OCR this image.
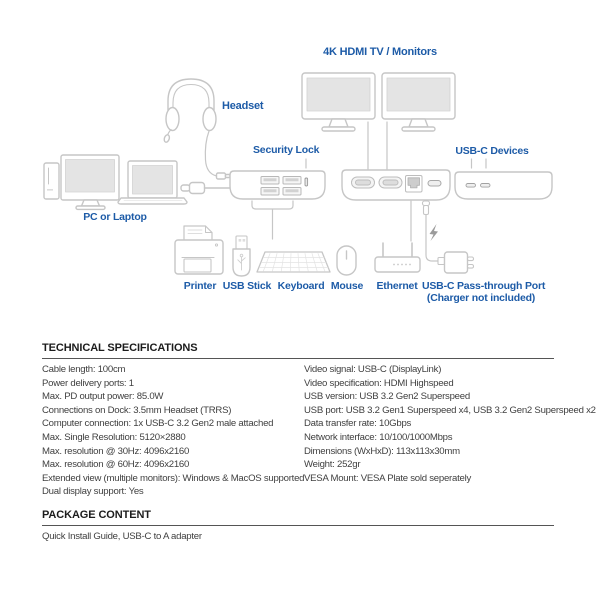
4K HDMI TV / Monitors
Headset
Security Lock	USB-C Devices
PC or Laptop
Printer USB Stick Keyboard Mouse	Ethernet USB-C Pass-through Port
(Charger not included)
TECHNICAL SPECIFICATIONS
Cable length: 100cm
Power delivery ports: 1
Max. PD output power: 85.0W
Connections on Dock: 3.5mm Headset (TRRS)
Computer connection: 1x USB-C 3.2 Gen2 male attached
Max. Single Resolution: 5120×2880
Max. resolution @ 30Hz: 4096x2160
Max. resolution @ 60Hz: 4096x2160
Extended view (multiple monitors): Windows & MacOS supported
Dual display support: Yes
Video signal: USB-C (DisplayLink)
Video specification: HDMI Highspeed
USB version: USB 3.2 Gen2 Superspeed
USB port: USB 3.2 Gen1 Superspeed x4, USB 3.2 Gen2 Superspeed x2
Data transfer rate: 10Gbps
Network interface: 10/100/1000Mbps
Dimensions (WxHxD): 113x113x30mm
Weight: 252gr
VESA Mount: VESA Plate sold seperately
PACKAGE CONTENT
Quick Install Guide, USB-C to A adapter
